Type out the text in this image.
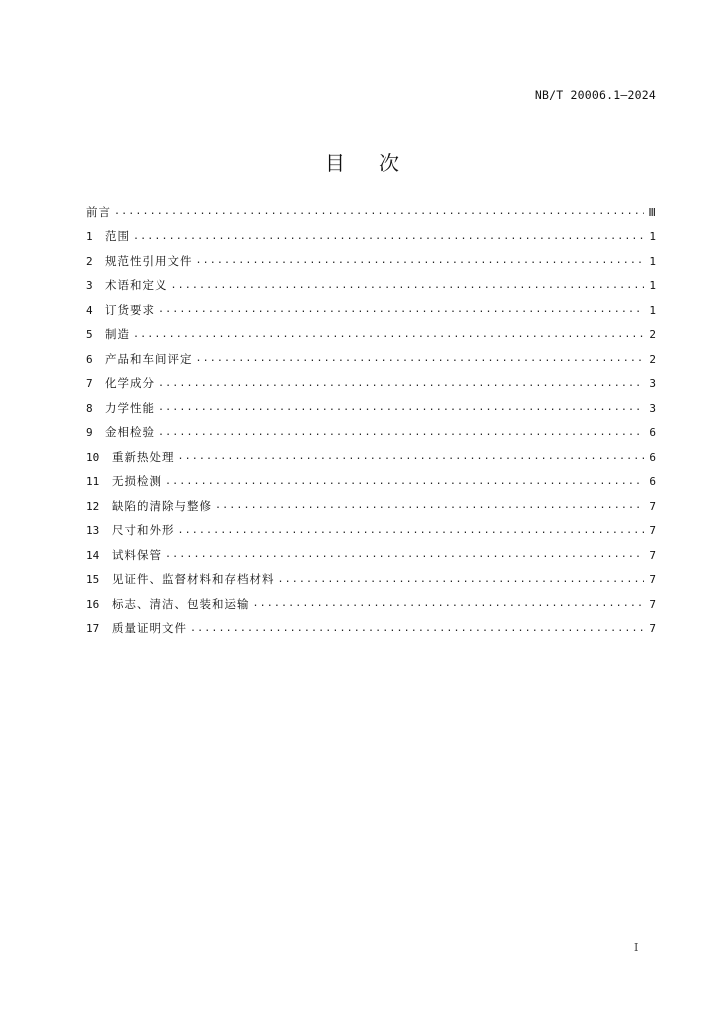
NB/T 20006.1—2024
目次
前言 .....	Ⅲ
1	范围 .....	1
2	规范性引用文件 .....	1
3	术语和定义 .....	1
4	订货要求 .....	1
5	制造 .....	2
6	产品和车间评定 .....	2
7	化学成分 .....	3
8	力学性能 .....	3
9	金相检验 .....	6
10	重新热处理 .....	6
11	无损检测 .....	6
12	缺陷的清除与整修 .....	7
13	尺寸和外形 .....	7
14	试料保管 .....	7
15	见证件、监督材料和存档材料 .....	7
16	标志、清洁、包装和运输 .....	7
17	质量证明文件 .....	7
I
